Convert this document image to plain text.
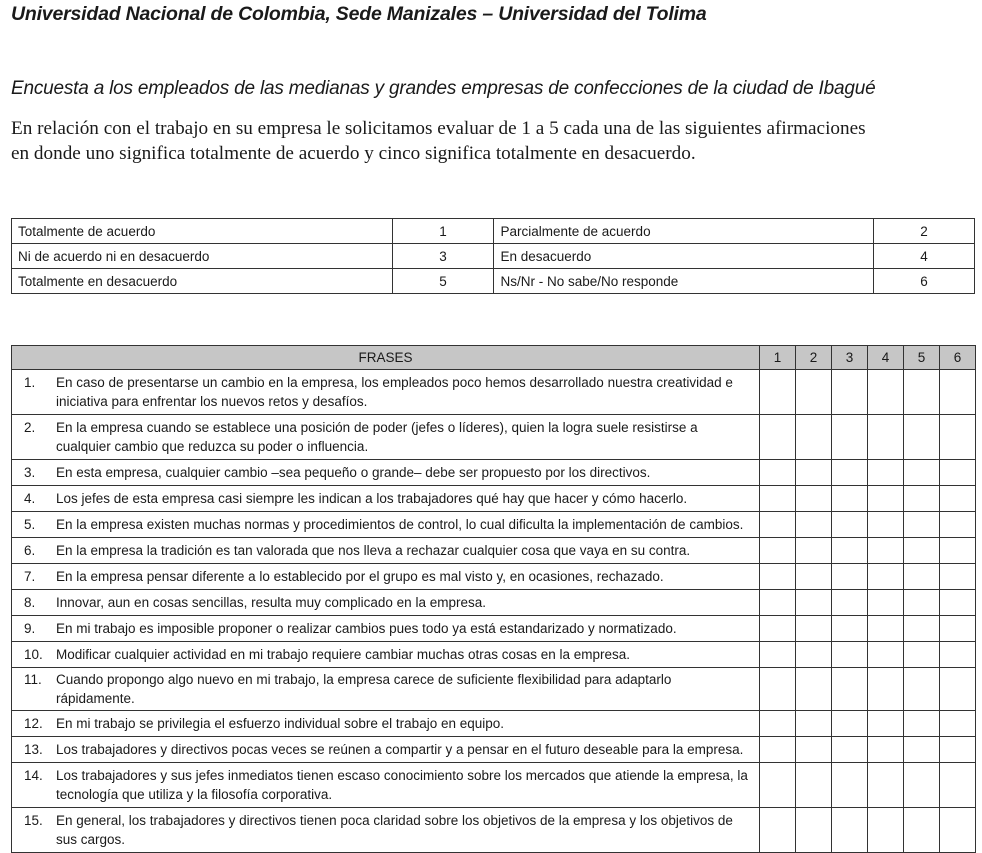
Universidad Nacional de Colombia, Sede Manizales – Universidad del Tolima
Encuesta a los empleados de las medianas y grandes empresas de confecciones de la ciudad de Ibagué
En relación con el trabajo en su empresa le solicitamos evaluar de 1 a 5 cada una de las siguientes afirmaciones
en donde uno significa totalmente de acuerdo y cinco significa totalmente en desacuerdo.
Totalmente de acuerdo	1	Parcialmente de acuerdo	2
Ni de acuerdo ni en desacuerdo	3	En desacuerdo	4
Totalmente en desacuerdo	5	Ns/Nr - No sabe/No responde	6
FRASES	1	2	3	4	5	6

1. En caso de presentarse un cambio en la empresa, los empleados poco hemos desarrollado nuestra creatividad e iniciativa para enfrentar los nuevos retos y desafíos.						

2. En la empresa cuando se establece una posición de poder (jefes o líderes), quien la logra suele resistirse a cualquier cambio que reduzca su poder o influencia.						

3. En esta empresa, cualquier cambio –sea pequeño o grande– debe ser propuesto por los directivos.						

4. Los jefes de esta empresa casi siempre les indican a los trabajadores qué hay que hacer y cómo hacerlo.						

5. En la empresa existen muchas normas y procedimientos de control, lo cual dificulta la implementación de cambios.						

6. En la empresa la tradición es tan valorada que nos lleva a rechazar cualquier cosa que vaya en su contra.						

7. En la empresa pensar diferente a lo establecido por el grupo es mal visto y, en ocasiones, rechazado.						

8. Innovar, aun en cosas sencillas, resulta muy complicado en la empresa.						

9. En mi trabajo es imposible proponer o realizar cambios pues todo ya está estandarizado y normatizado.						

10. Modificar cualquier actividad en mi trabajo requiere cambiar muchas otras cosas en la empresa.						

11. Cuando propongo algo nuevo en mi trabajo, la empresa carece de suficiente flexibilidad para adaptarlo rápidamente.						

12. En mi trabajo se privilegia el esfuerzo individual sobre el trabajo en equipo.						

13. Los trabajadores y directivos pocas veces se reúnen a compartir y a pensar en el futuro deseable para la empresa.						

14. Los trabajadores y sus jefes inmediatos tienen escaso conocimiento sobre los mercados que atiende la empresa, la tecnología que utiliza y la filosofía corporativa.						

15. En general, los trabajadores y directivos tienen poca claridad sobre los objetivos de la empresa y los objetivos de sus cargos.						
